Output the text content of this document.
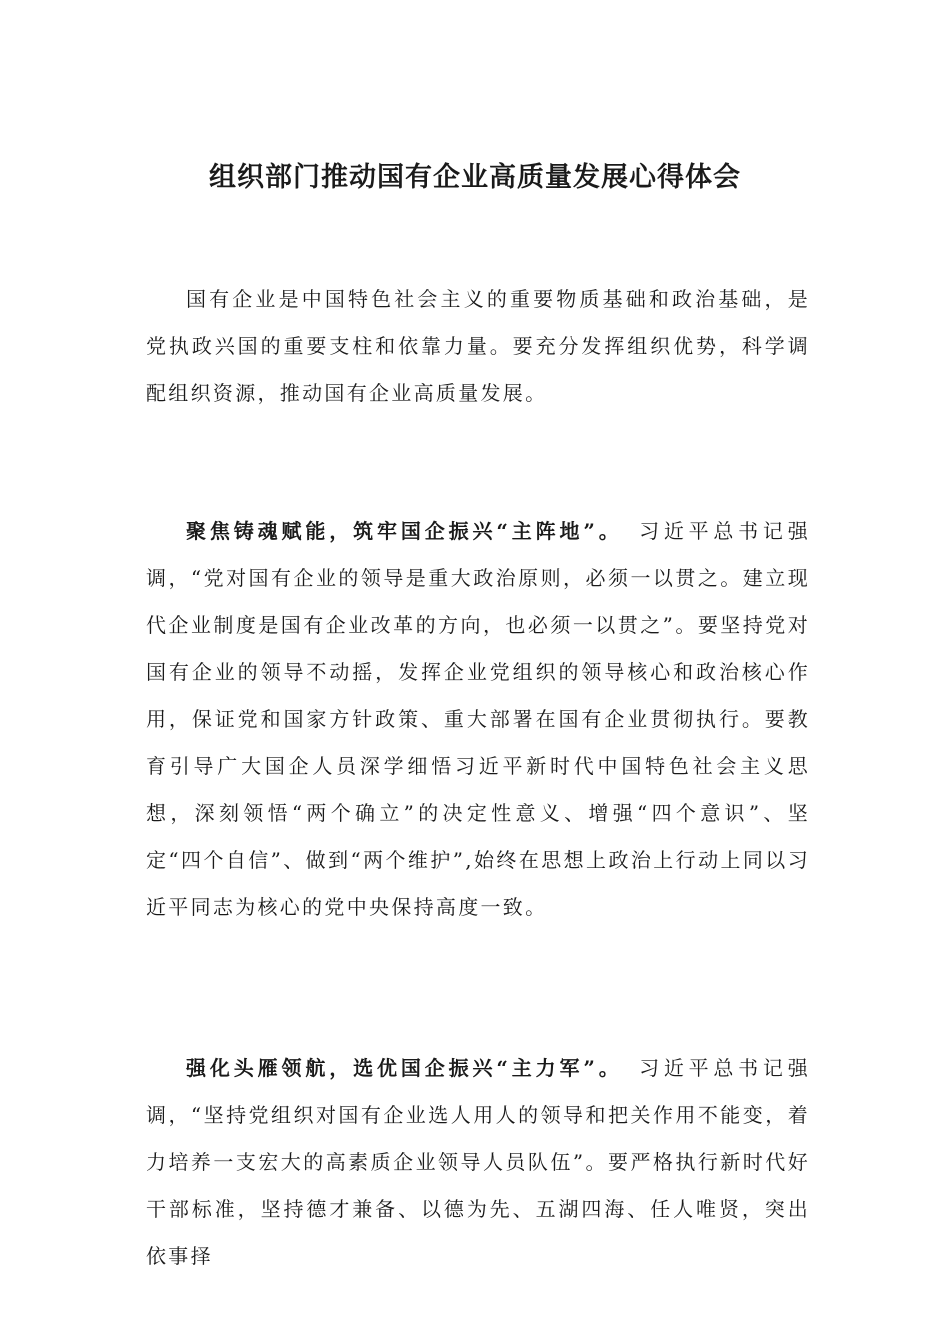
组织部门推动国有企业高质量发展心得体会

国有企业是中国特色社会主义的重要物质基础和政治基础，是党执政兴国的重要支柱和依靠力量。要充分发挥组织优势，科学调配组织资源，推动国有企业高质量发展。

聚焦铸魂赋能，筑牢国企振兴“主阵地”。 习近平总书记强调，“党对国有企业的领导是重大政治原则，必须一以贯之。建立现代企业制度是国有企业改革的方向，也必须一以贯之”。要坚持党对国有企业的领导不动摇，发挥企业党组织的领导核心和政治核心作用，保证党和国家方针政策、重大部署在国有企业贯彻执行。要教育引导广大国企人员深学细悟习近平新时代中国特色社会主义思想，深刻领悟“两个确立”的决定性意义、增强“四个意识”、坚定“四个自信”、做到“两个维护”,始终在思想上政治上行动上同以习近平同志为核心的党中央保持高度一致。

强化头雁领航，选优国企振兴“主力军”。 习近平总书记强调，“坚持党组织对国有企业选人用人的领导和把关作用不能变，着力培养一支宏大的高素质企业领导人员队伍”。要严格执行新时代好干部标准，坚持德才兼备、以德为先、五湖四海、任人唯贤，突出依事择
